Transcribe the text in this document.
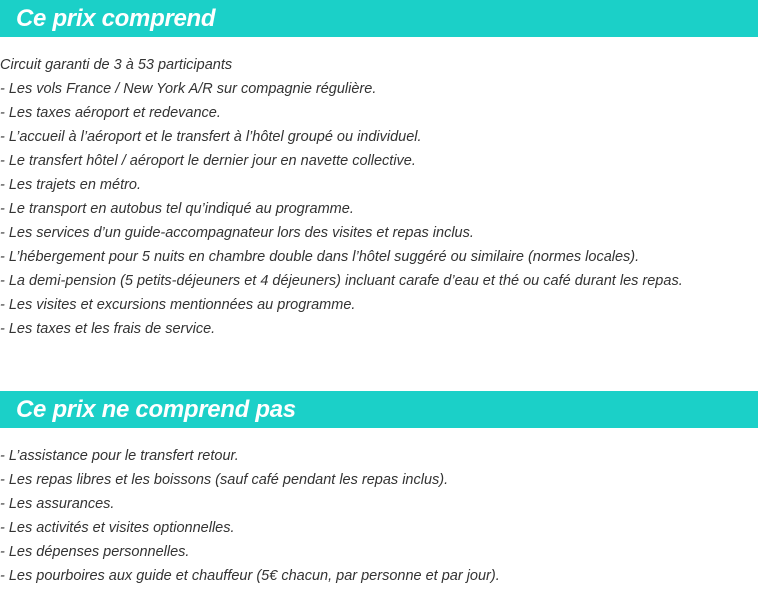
Ce prix comprend
Circuit garanti de 3 à 53 participants
- Les vols France / New York A/R sur compagnie régulière.
- Les taxes aéroport et redevance.
- L’accueil à l’aéroport et le transfert à l’hôtel groupé ou individuel.
- Le transfert hôtel / aéroport le dernier jour en navette collective.
- Les trajets en métro.
- Le transport en autobus tel qu’indiqué au programme.
- Les services d’un guide-accompagnateur lors des visites et repas inclus.
- L’hébergement pour 5 nuits en chambre double dans l’hôtel suggéré ou similaire (normes locales).
- La demi-pension (5 petits-déjeuners et 4 déjeuners) incluant carafe d’eau et thé ou café durant les repas.
- Les visites et excursions mentionnées au programme.
- Les taxes et les frais de service.
Ce prix ne comprend pas
- L’assistance pour le transfert retour.
- Les repas libres et les boissons (sauf café pendant les repas inclus).
- Les assurances.
- Les activités et visites optionnelles.
- Les dépenses personnelles.
- Les pourboires aux guide et chauffeur (5€ chacun, par personne et par jour).
